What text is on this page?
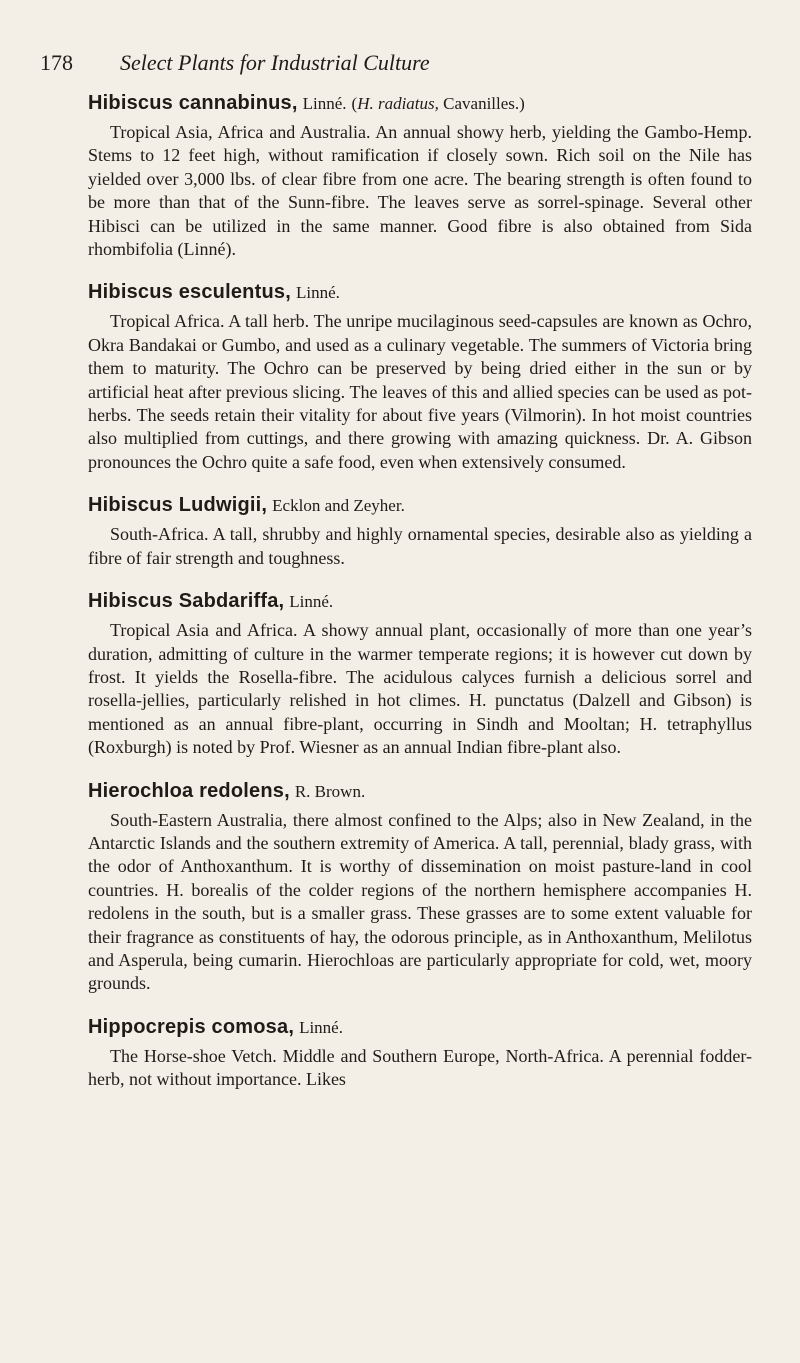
178	Select Plants for Industrial Culture

Hibiscus cannabinus, Linné. (H. radiatus, Cavanilles.)

Tropical Asia, Africa and Australia. An annual showy herb, yielding the Gambo-Hemp. Stems to 12 feet high, without ramification if closely sown. Rich soil on the Nile has yielded over 3,000 lbs. of clear fibre from one acre. The bearing strength is often found to be more than that of the Sunn-fibre. The leaves serve as sorrel-spinage. Several other Hibisci can be utilized in the same manner. Good fibre is also obtained from Sida rhombifolia (Linné).

Hibiscus esculentus, Linné.

Tropical Africa. A tall herb. The unripe mucilaginous seed-capsules are known as Ochro, Okra Bandakai or Gumbo, and used as a culinary vegetable. The summers of Victoria bring them to maturity. The Ochro can be preserved by being dried either in the sun or by artificial heat after previous slicing. The leaves of this and allied species can be used as pot-herbs. The seeds retain their vitality for about five years (Vilmorin). In hot moist countries also multiplied from cuttings, and there growing with amazing quickness. Dr. A. Gibson pronounces the Ochro quite a safe food, even when extensively consumed.

Hibiscus Ludwigii, Ecklon and Zeyher.

South-Africa. A tall, shrubby and highly ornamental species, desirable also as yielding a fibre of fair strength and toughness.

Hibiscus Sabdariffa, Linné.

Tropical Asia and Africa. A showy annual plant, occasionally of more than one year’s duration, admitting of culture in the warmer temperate regions; it is however cut down by frost. It yields the Rosella-fibre. The acidulous calyces furnish a delicious sorrel and rosella-jellies, particularly relished in hot climes. H. punctatus (Dalzell and Gibson) is mentioned as an annual fibre-plant, occurring in Sindh and Mooltan; H. tetraphyllus (Roxburgh) is noted by Prof. Wiesner as an annual Indian fibre-plant also.

Hierochloa redolens, R. Brown.

South-Eastern Australia, there almost confined to the Alps; also in New Zealand, in the Antarctic Islands and the southern extremity of America. A tall, perennial, blady grass, with the odor of Anthoxanthum. It is worthy of dissemination on moist pasture-land in cool countries. H. borealis of the colder regions of the northern hemisphere accompanies H. redolens in the south, but is a smaller grass. These grasses are to some extent valuable for their fragrance as constituents of hay, the odorous principle, as in Anthoxanthum, Melilotus and Asperula, being cumarin. Hierochloas are particularly appropriate for cold, wet, moory grounds.

Hippocrepis comosa, Linné.

The Horse-shoe Vetch. Middle and Southern Europe, North-Africa. A perennial fodder-herb, not without importance. Likes
